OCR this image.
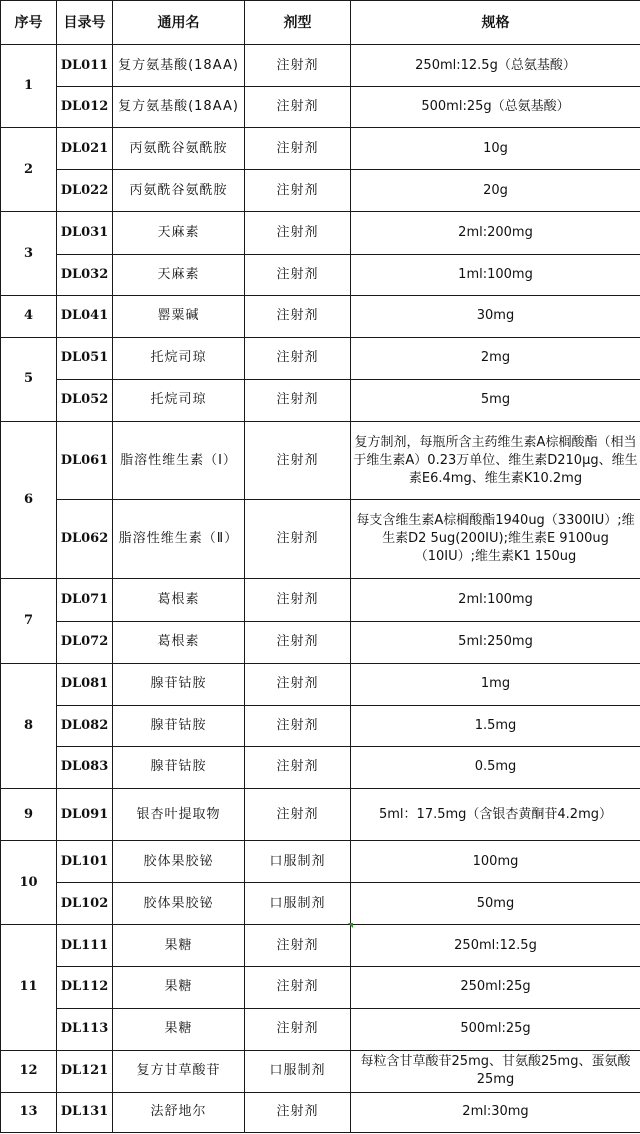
序号	目录号	通用名	剂型	规格
1	DL011	复方氨基酸(18AA)	注射剂	250ml:12.5g（总氨基酸）
	DL012	复方氨基酸(18AA)	注射剂	500ml:25g（总氨基酸）
2	DL021	丙氨酰谷氨酰胺	注射剂	10g
	DL022	丙氨酰谷氨酰胺	注射剂	20g
3	DL031	天麻素	注射剂	2ml:200mg
	DL032	天麻素	注射剂	1ml:100mg
4	DL041	罂粟碱	注射剂	30mg
5	DL051	托烷司琼	注射剂	2mg
	DL052	托烷司琼	注射剂	5mg
6	DL061	脂溶性维生素（Ⅰ）	注射剂	复方制剂，每瓶所含主药维生素A棕榈酸酯（相当于维生素A）0.23万单位、维生素D210μg、维生素E6.4mg、维生素K10.2mg
	DL062	脂溶性维生素（Ⅱ）	注射剂	每支含维生素A棕榈酸酯1940ug（3300IU）;维生素D2 5ug(200IU);维生素E 9100ug（10IU）;维生素K1 150ug
7	DL071	葛根素	注射剂	2ml:100mg
	DL072	葛根素	注射剂	5ml:250mg
8	DL081	腺苷钴胺	注射剂	1mg
	DL082	腺苷钴胺	注射剂	1.5mg
	DL083	腺苷钴胺	注射剂	0.5mg
9	DL091	银杏叶提取物	注射剂	5ml：17.5mg（含银杏黄酮苷4.2mg）
10	DL101	胶体果胶铋	口服制剂	100mg
	DL102	胶体果胶铋	口服制剂	50mg
11	DL111	果糖	注射剂	250ml:12.5g
	DL112	果糖	注射剂	250ml:25g
	DL113	果糖	注射剂	500ml:25g
12	DL121	复方甘草酸苷	口服制剂	每粒含甘草酸苷25mg、甘氨酸25mg、蛋氨酸25mg
13	DL131	法舒地尔	注射剂	2ml:30mg
